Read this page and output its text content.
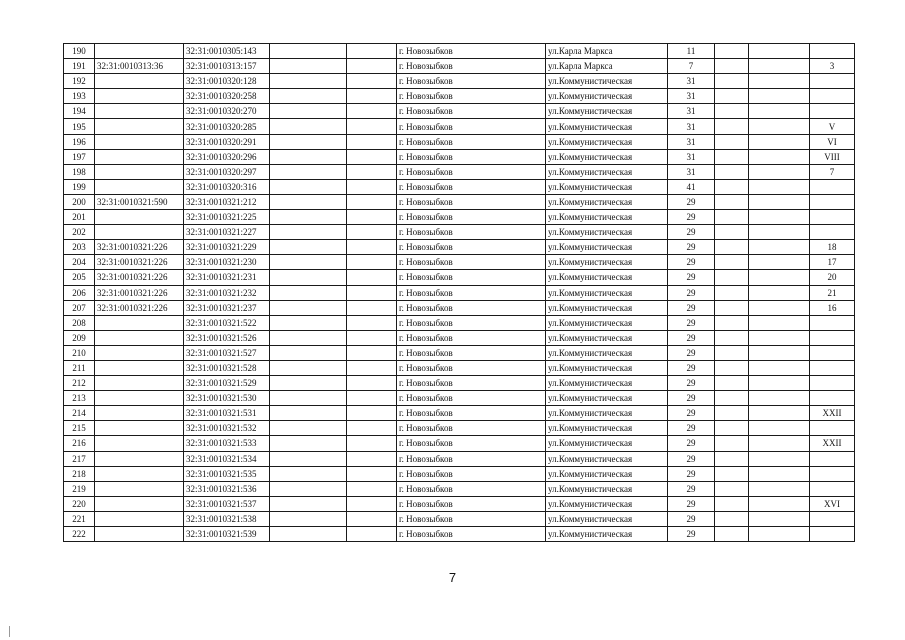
190		32:31:0010305:143			г. Новозыбков	ул.Карла Маркса	11			
191	32:31:0010313:36	32:31:0010313:157			г. Новозыбков	ул.Карла Маркса	7			3
192		32:31:0010320:128			г. Новозыбков	ул.Коммунистическая	31			
193		32:31:0010320:258			г. Новозыбков	ул.Коммунистическая	31			
194		32:31:0010320:270			г. Новозыбков	ул.Коммунистическая	31			
195		32:31:0010320:285			г. Новозыбков	ул.Коммунистическая	31			V
196		32:31:0010320:291			г. Новозыбков	ул.Коммунистическая	31			VI
197		32:31:0010320:296			г. Новозыбков	ул.Коммунистическая	31			VIII
198		32:31:0010320:297			г. Новозыбков	ул.Коммунистическая	31			7
199		32:31:0010320:316			г. Новозыбков	ул.Коммунистическая	41			
200	32:31:0010321:590	32:31:0010321:212			г. Новозыбков	ул.Коммунистическая	29			
201		32:31:0010321:225			г. Новозыбков	ул.Коммунистическая	29			
202		32:31:0010321:227			г. Новозыбков	ул.Коммунистическая	29			
203	32:31:0010321:226	32:31:0010321:229			г. Новозыбков	ул.Коммунистическая	29			18
204	32:31:0010321:226	32:31:0010321:230			г. Новозыбков	ул.Коммунистическая	29			17
205	32:31:0010321:226	32:31:0010321:231			г. Новозыбков	ул.Коммунистическая	29			20
206	32:31:0010321:226	32:31:0010321:232			г. Новозыбков	ул.Коммунистическая	29			21
207	32:31:0010321:226	32:31:0010321:237			г. Новозыбков	ул.Коммунистическая	29			16
208		32:31:0010321:522			г. Новозыбков	ул.Коммунистическая	29			
209		32:31:0010321:526			г. Новозыбков	ул.Коммунистическая	29			
210		32:31:0010321:527			г. Новозыбков	ул.Коммунистическая	29			
211		32:31:0010321:528			г. Новозыбков	ул.Коммунистическая	29			
212		32:31:0010321:529			г. Новозыбков	ул.Коммунистическая	29			
213		32:31:0010321:530			г. Новозыбков	ул.Коммунистическая	29			
214		32:31:0010321:531			г. Новозыбков	ул.Коммунистическая	29			XXII
215		32:31:0010321:532			г. Новозыбков	ул.Коммунистическая	29			
216		32:31:0010321:533			г. Новозыбков	ул.Коммунистическая	29			XXII
217		32:31:0010321:534			г. Новозыбков	ул.Коммунистическая	29			
218		32:31:0010321:535			г. Новозыбков	ул.Коммунистическая	29			
219		32:31:0010321:536			г. Новозыбков	ул.Коммунистическая	29			
220		32:31:0010321:537			г. Новозыбков	ул.Коммунистическая	29			XVI
221		32:31:0010321:538			г. Новозыбков	ул.Коммунистическая	29			
222		32:31:0010321:539			г. Новозыбков	ул.Коммунистическая	29			
7
